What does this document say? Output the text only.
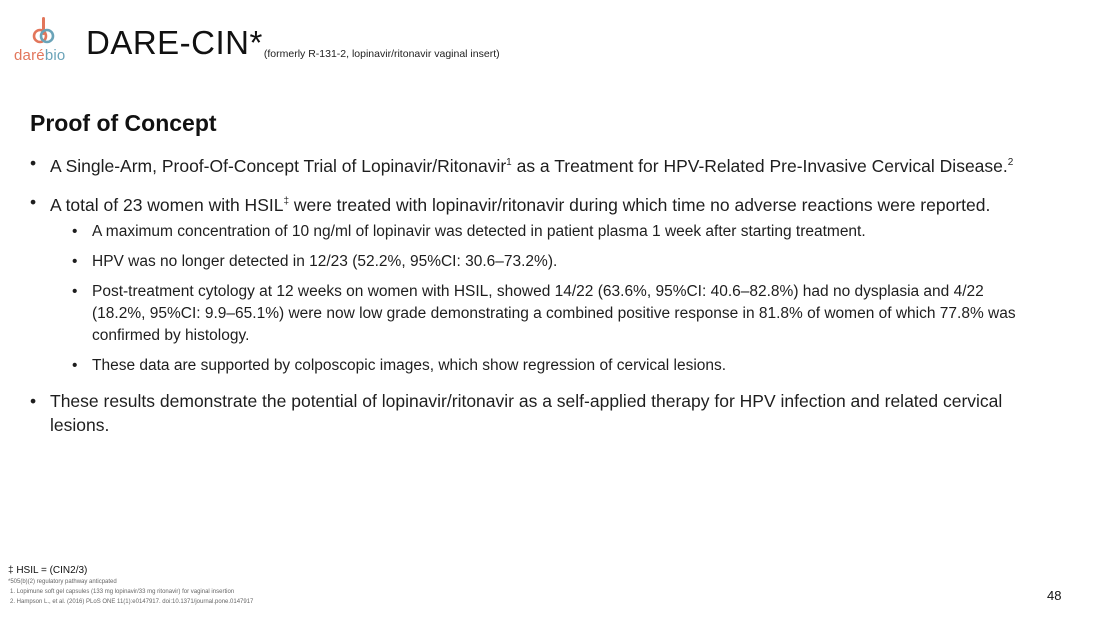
darébio DARE-$CIN*_{(formerly R-131-2, lopinavir/ritonavir vaginal insert)}$
Proof of Concept
• A Single-Arm, Proof-Of-Concept Trial of Lopinavir/Ritonavir$^1$ as a Treatment for HPV-Related Pre-Invasive Cervical Disease.$^2$
• A total of 23 women with HSIL‡ were treated with lopinavir/ritonavir during which time no adverse reactions were reported.
• A maximum concentration of 10 ng/ml of lopinavir was detected in patient plasma 1 week after starting treatment.
• HPV was no longer detected in 12/23 (52.2%, 95%CI: 30.6–73.2%).
• Post-treatment cytology at 12 weeks on women with HSIL, showed 14/22 (63.6%, 95%CI: 40.6–82.8%) had no dysplasia and 4/22 (18.2%, 95%CI: 9.9–65.1%) were now low grade demonstrating a combined positive response in 81.8% of women of which 77.8% was confirmed by histology.
• These data are supported by colposcopic images, which show regression of cervical lesions.
• These results demonstrate the potential of lopinavir/ritonavir as a self-applied therapy for HPV infection and related cervical lesions.
‡ HSIL = (CIN2/3)
*505(b)(2) regulatory pathway anticpated
1. Lopimune soft gel capsules (133 mg lopinavir/33 mg ritonavir) for vaginal insertion
2. Hampson L., et al. (2016) PLoS ONE 11(1):e0147917. doi:10.1371/journal.pone.0147917	48
